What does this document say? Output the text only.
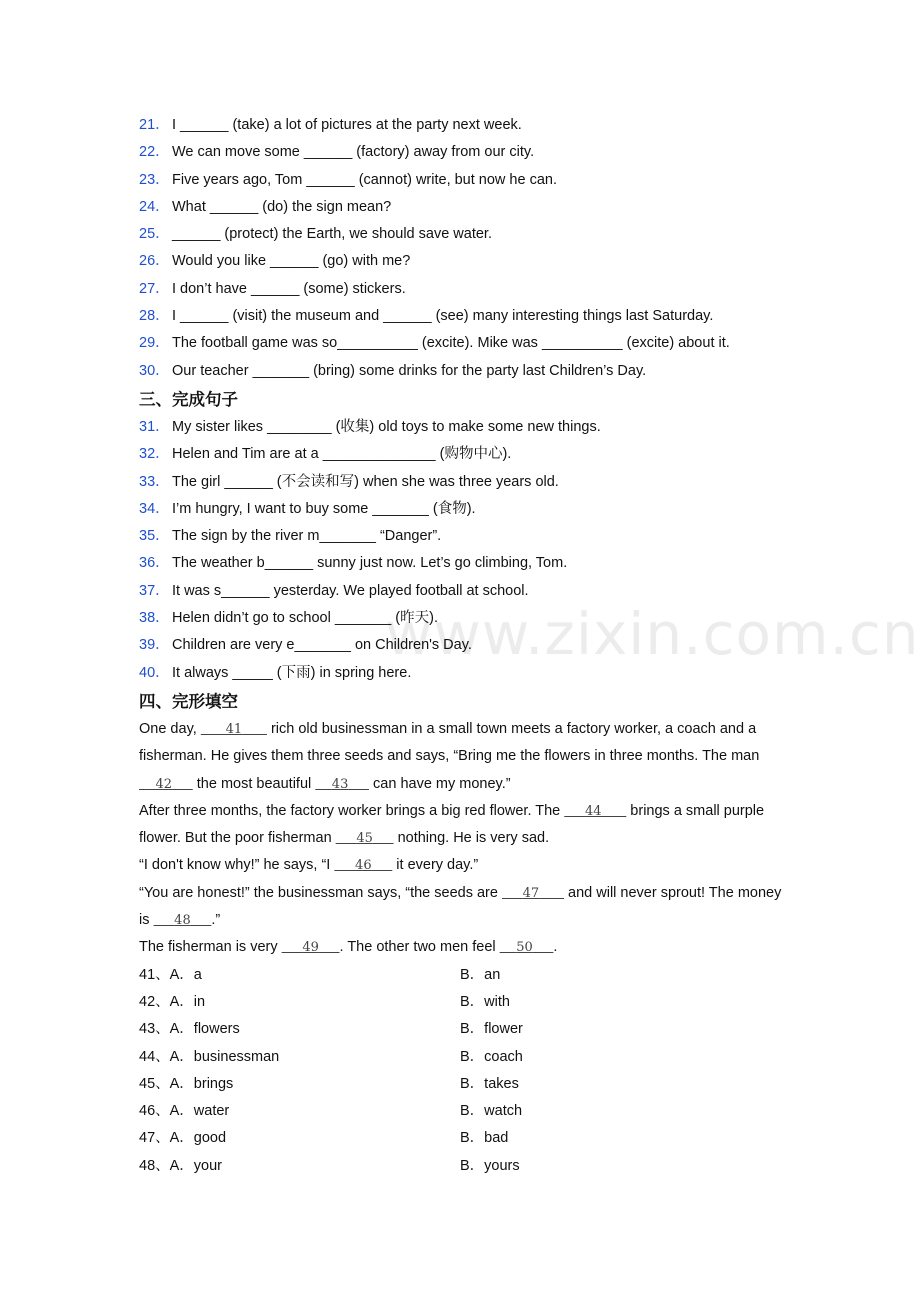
www.zixin.com.cn
21． I ______ (take) a lot of pictures at the party next week.
22． We can move some ______ (factory) away from our city.
23． Five years ago, Tom ______ (cannot) write, but now he can.
24． What ______ (do) the sign mean?
25． ______ (protect) the Earth, we should save water.
26． Would you like ______ (go) with me?
27． I don’t have ______ (some) stickers.
28． I ______ (visit) the museum and ______ (see) many interesting things last Saturday.
29． The football game was so__________ (excite). Mike was __________ (excite) about it.
30． Our teacher _______ (bring) some drinks for the party last Children’s Day.
三、完成句子
31． My sister likes ________ (收集) old toys to make some new things.
32． Helen and Tim are at a ______________ (购物中心).
33． The girl ______ (不会读和写) when she was three years old.
34． I’m hungry, I want to buy some _______ (食物).
35． The sign by the river m_______ “Danger”.
36． The weather b______ sunny just now. Let’s go climbing, Tom.
37． It was s______ yesterday. We played football at school.
38． Helen didn’t go to school _______ (昨天).
39． Children are very e_______ on Children's Day.
40． It always _____ (下雨) in spring here.
四、完形填空
One day,       41       rich old businessman in a small town meets a factory worker, a coach and a fisherman. He gives them three seeds and says, “Bring me the flowers in three months. The man     42      the most beautiful     43      can have my money.”
After three months, the factory worker brings a big red flower. The      44       brings a small purple flower. But the poor fisherman      45      nothing. He is very sad.
“I don't know why!” he says, “I      46      it every day.”
“You are honest!” the businessman says, “the seeds are      47       and will never sprout! The money is      48 .”
The fisherman is very      49 . The other two men feel     50 .
41、A．a	B．an
42、A．in	B．with
43、A．flowers	B．flower
44、A．businessman	B．coach
45、A．brings	B．takes
46、A．water	B．watch
47、A．good	B．bad
48、A．your	B．yours
